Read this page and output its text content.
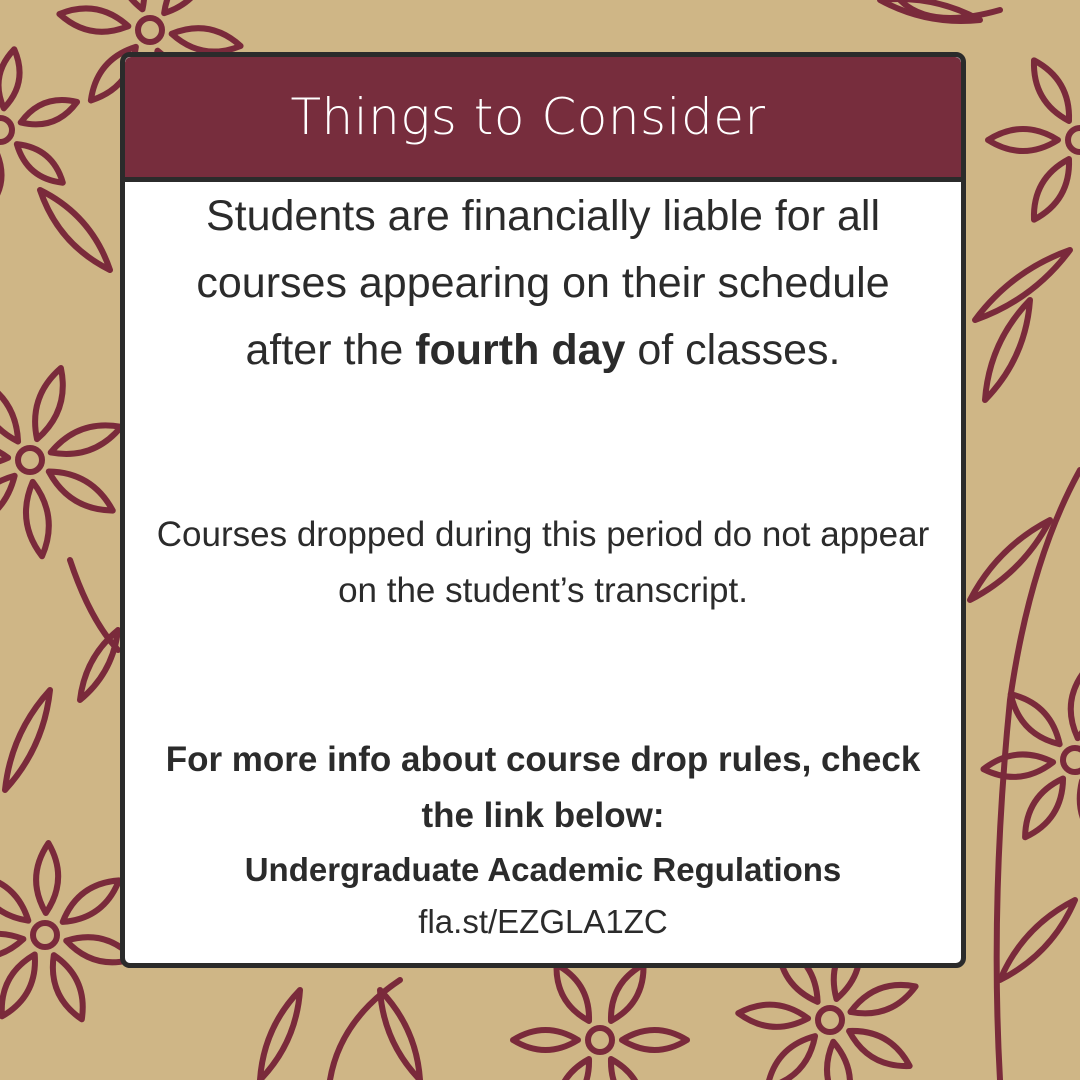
Things to Consider
Students are financially liable for all courses appearing on their schedule after the fourth day of classes.
Courses dropped during this period do not appear on the student’s transcript.
For more info about course drop rules, check the link below:
Undergraduate Academic Regulations
fla.st/EZGLA1ZC
